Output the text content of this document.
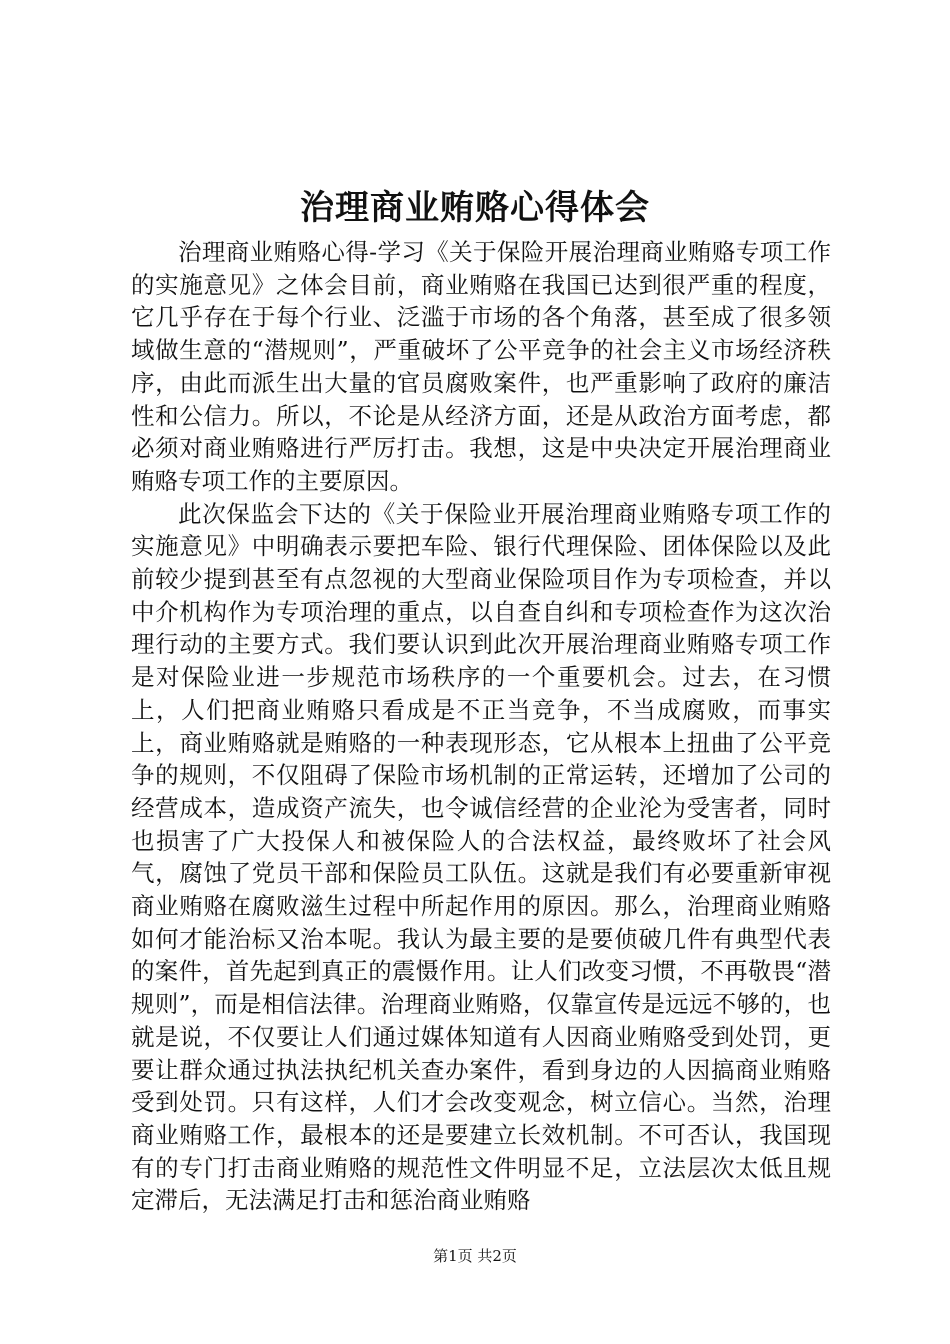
治理商业贿赂心得体会

治理商业贿赂心得-学习《关于保险开展治理商业贿赂专项工作的实施意见》之体会目前，商业贿赂在我国已达到很严重的程度，它几乎存在于每个行业、泛滥于市场的各个角落，甚至成了很多领域做生意的“潜规则”，严重破坏了公平竞争的社会主义市场经济秩序，由此而派生出大量的官员腐败案件，也严重影响了政府的廉洁性和公信力。所以，不论是从经济方面，还是从政治方面考虑，都必须对商业贿赂进行严厉打击。我想，这是中央决定开展治理商业贿赂专项工作的主要原因。

此次保监会下达的《关于保险业开展治理商业贿赂专项工作的实施意见》中明确表示要把车险、银行代理保险、团体保险以及此前较少提到甚至有点忽视的大型商业保险项目作为专项检查，并以中介机构作为专项治理的重点，以自查自纠和专项检查作为这次治理行动的主要方式。我们要认识到此次开展治理商业贿赂专项工作是对保险业进一步规范市场秩序的一个重要机会。过去，在习惯上，人们把商业贿赂只看成是不正当竞争，不当成腐败，而事实上，商业贿赂就是贿赂的一种表现形态，它从根本上扭曲了公平竞争的规则，不仅阻碍了保险市场机制的正常运转，还增加了公司的经营成本，造成资产流失，也令诚信经营的企业沦为受害者，同时也损害了广大投保人和被保险人的合法权益，最终败坏了社会风气，腐蚀了党员干部和保险员工队伍。这就是我们有必要重新审视商业贿赂在腐败滋生过程中所起作用的原因。那么，治理商业贿赂如何才能治标又治本呢。我认为最主要的是要侦破几件有典型代表的案件，首先起到真正的震慑作用。让人们改变习惯，不再敬畏“潜规则”，而是相信法律。治理商业贿赂，仅靠宣传是远远不够的，也就是说，不仅要让人们通过媒体知道有人因商业贿赂受到处罚，更要让群众通过执法执纪机关查办案件，看到身边的人因搞商业贿赂受到处罚。只有这样，人们才会改变观念，树立信心。当然，治理商业贿赂工作，最根本的还是要建立长效机制。不可否认，我国现有的专门打击商业贿赂的规范性文件明显不足，立法层次太低且规定滞后，无法满足打击和惩治商业贿赂

第1页 共2页
